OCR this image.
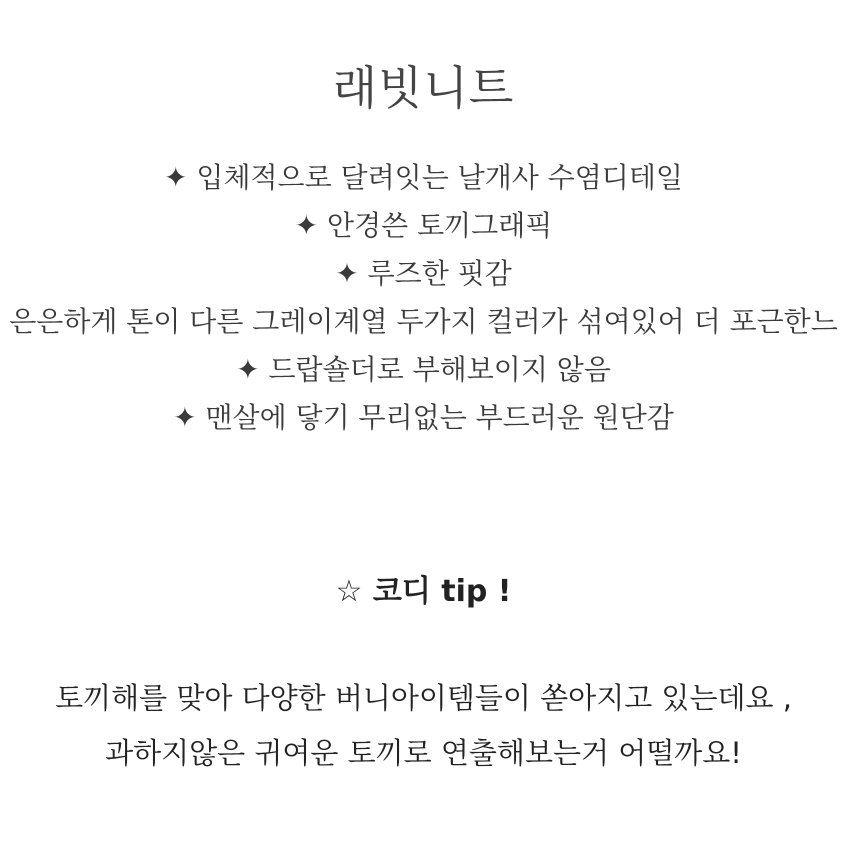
래빗니트
✦ 입체적으로 달려잇는 날개사 수염디테일
✦ 안경쓴 토끼그래픽
✦ 루즈한 핏감
은은하게 톤이 다른 그레이계열 두가지 컬러가 섞여있어 더 포근한느
✦ 드랍숄더로 부해보이지 않음
✦ 맨살에 닿기 무리없는 부드러운 원단감
☆ 코디 tip !
토끼해를 맞아 다양한 버니아이템들이 쏟아지고 있는데요 ,
과하지않은 귀여운 토끼로 연출해보는거 어떨까요!
